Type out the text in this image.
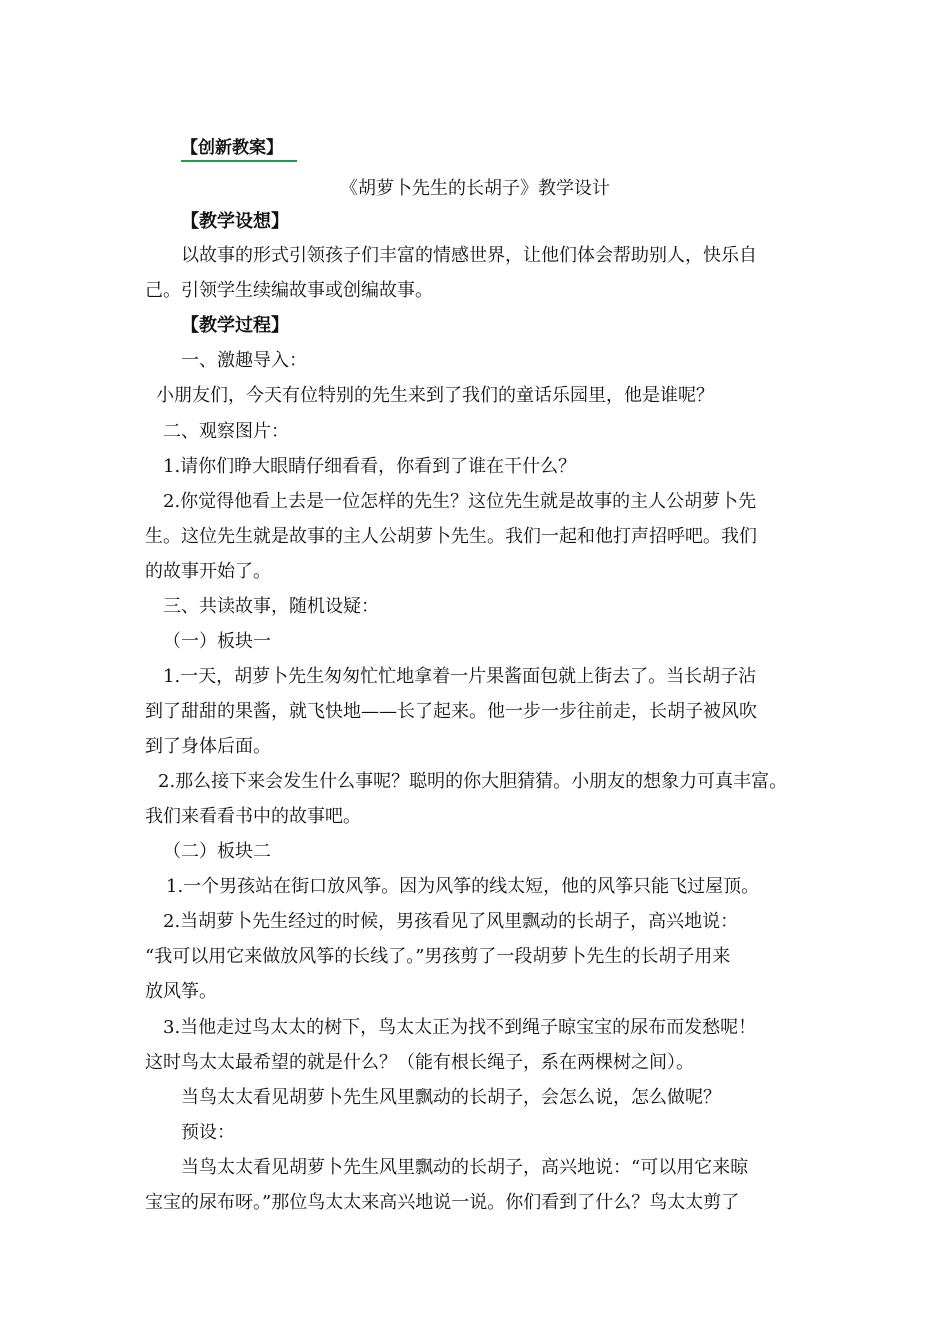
【创新教案】
《胡萝卜先生的长胡子》教学设计
【教学设想】
以故事的形式引领孩子们丰富的情感世界，让他们体会帮助别人，快乐自
己。引领学生续编故事或创编故事。
【教学过程】
一、激趣导入：
小朋友们，今天有位特别的先生来到了我们的童话乐园里，他是谁呢？
二、观察图片：
1.请你们睁大眼睛仔细看看，你看到了谁在干什么？
2.你觉得他看上去是一位怎样的先生？这位先生就是故事的主人公胡萝卜先
生。这位先生就是故事的主人公胡萝卜先生。我们一起和他打声招呼吧。我们
的故事开始了。
三、共读故事，随机设疑：
（一）板块一
1.一天，胡萝卜先生匆匆忙忙地拿着一片果酱面包就上街去了。当长胡子沾
到了甜甜的果酱，就飞快地——长了起来。他一步一步往前走，长胡子被风吹
到了身体后面。
2.那么接下来会发生什么事呢？聪明的你大胆猜猜。小朋友的想象力可真丰富。
我们来看看书中的故事吧。
（二）板块二
1.一个男孩站在街口放风筝。因为风筝的线太短，他的风筝只能飞过屋顶。
2.当胡萝卜先生经过的时候，男孩看见了风里飘动的长胡子，高兴地说：
“我可以用它来做放风筝的长线了。”男孩剪了一段胡萝卜先生的长胡子用来
放风筝。
3.当他走过鸟太太的树下，鸟太太正为找不到绳子晾宝宝的尿布而发愁呢！
这时鸟太太最希望的就是什么？（能有根长绳子，系在两棵树之间）。
当鸟太太看见胡萝卜先生风里飘动的长胡子，会怎么说，怎么做呢？
预设：
当鸟太太看见胡萝卜先生风里飘动的长胡子，高兴地说：“可以用它来晾
宝宝的尿布呀。”那位鸟太太来高兴地说一说。你们看到了什么？鸟太太剪了
